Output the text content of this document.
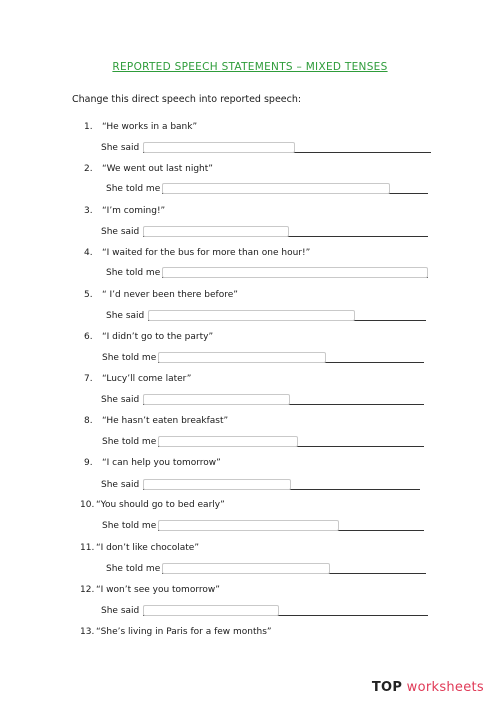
REPORTED SPEECH STATEMENTS – MIXED TENSES
Change this direct speech into reported speech:
1. “He works in a bank”
She said
2. “We went out last night”
She told me
3. “I’m coming!”
She said
4. “I waited for the bus for more than one hour!”
She told me
5. “ I’d never been there before”
She said
6. “I didn’t go to the party”
She told me
7. “Lucy’ll come later”
She said
8. “He hasn’t eaten breakfast”
She told me
9. “I can help you tomorrow”
She said
10. “You should go to bed early”
She told me
11. “I don’t like chocolate”
She told me
12. “I won’t see you tomorrow”
She said
13. “She’s living in Paris for a few months”
TOP worksheets
